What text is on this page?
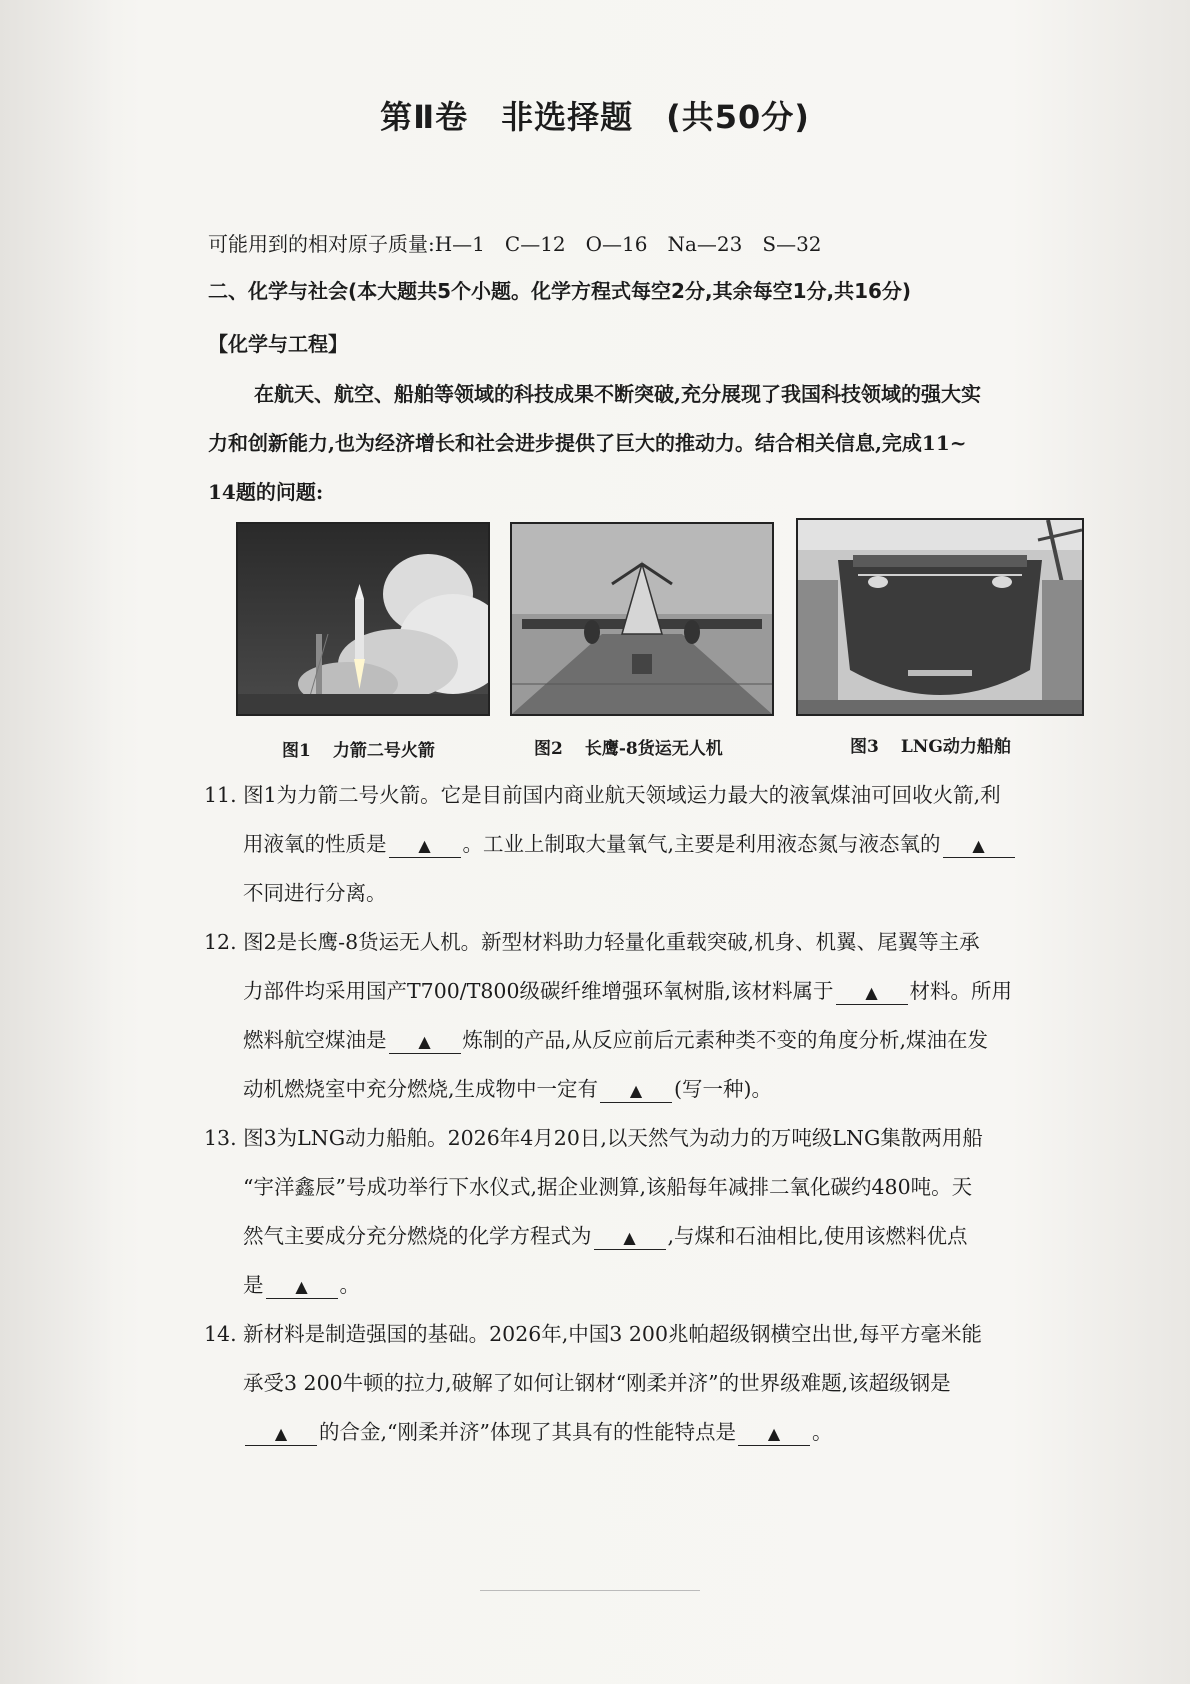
第Ⅱ卷　非选择题　(共50分)
可能用到的相对原子质量:H—1　C—12　O—16　Na—23　S—32
二、化学与社会(本大题共5个小题。化学方程式每空2分,其余每空1分,共16分)
【化学与工程】
在航天、航空、船舶等领域的科技成果不断突破,充分展现了我国科技领域的强大实
力和创新能力,也为经济增长和社会进步提供了巨大的推动力。结合相关信息,完成11~
14题的问题:
图1 力箭二号火箭	图2 长鹰-8货运无人机	图3 LNG动力船舶
11. 图1为力箭二号火箭。它是目前国内商业航天领域运力最大的液氧煤油可回收火箭,利
用液氧的性质是 ▲ 。工业上制取大量氧气,主要是利用液态氮与液态氧的 ▲
不同进行分离。
12. 图2是长鹰-8货运无人机。新型材料助力轻量化重载突破,机身、机翼、尾翼等主承
力部件均采用国产T700/T800级碳纤维增强环氧树脂,该材料属于 ▲ 材料。所用
燃料航空煤油是 ▲ 炼制的产品,从反应前后元素种类不变的角度分析,煤油在发
动机燃烧室中充分燃烧,生成物中一定有 ▲ (写一种)。
13. 图3为LNG动力船舶。2026年4月20日,以天然气为动力的万吨级LNG集散两用船
“宇洋鑫辰”号成功举行下水仪式,据企业测算,该船每年减排二氧化碳约480吨。天
然气主要成分充分燃烧的化学方程式为 ▲ ,与煤和石油相比,使用该燃料优点
是 ▲ 。
14. 新材料是制造强国的基础。2026年,中国3 200兆帕超级钢横空出世,每平方毫米能
承受3 200牛顿的拉力,破解了如何让钢材“刚柔并济”的世界级难题,该超级钢是
▲ 的合金,“刚柔并济”体现了其具有的性能特点是 ▲ 。
